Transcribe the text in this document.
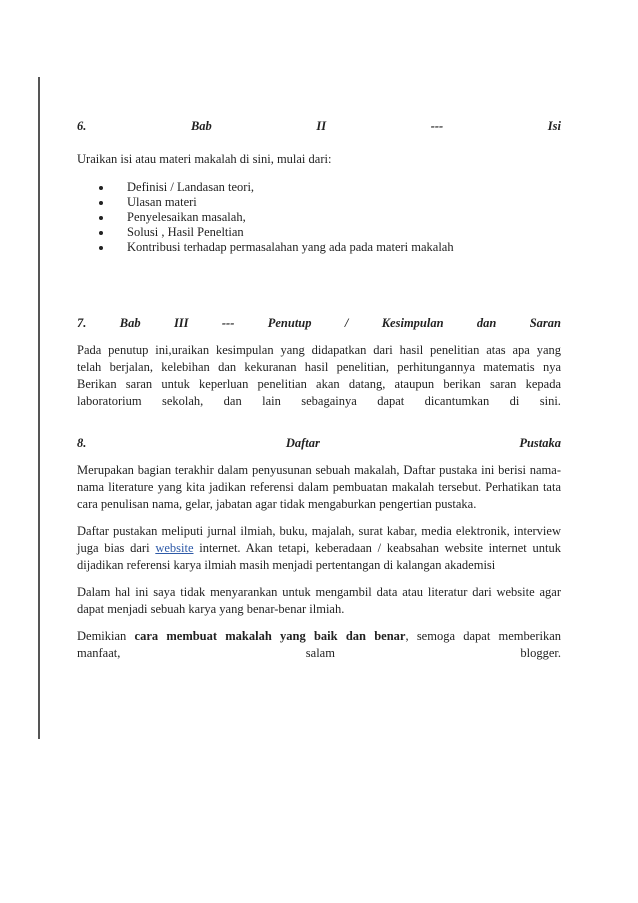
6.	Bab	II	---	Isi

Uraikan isi atau materi makalah di sini, mulai dari:

Definisi / Landasan teori,
Ulasan materi
Penyelesaikan masalah,
Solusi , Hasil Peneltian
Kontribusi terhadap permasalahan yang ada pada materi makalah
7.	Bab	III	---	Penutup	/	Kesimpulan	dan	Saran

Pada penutup ini,uraikan kesimpulan yang didapatkan dari hasil penelitian atas apa yang

telah berjalan, kelebihan dan kekuranan hasil penelitian, perhitungannya matematis nya

Berikan saran untuk keperluan penelitian akan datang, ataupun berikan saran kepada

laboratorium sekolah, dan lain sebagainya dapat dicantumkan di sini.
8.	Daftar	Pustaka

Merupakan bagian terakhir dalam penyusunan sebuah makalah, Daftar pustaka ini berisi nama-nama literature yang kita jadikan referensi dalam pembuatan makalah tersebut. Perhatikan tata cara penulisan nama, gelar, jabatan agar tidak mengaburkan pengertian pustaka.

Daftar pustakan meliputi jurnal ilmiah, buku, majalah, surat kabar, media elektronik, interview juga bias dari website internet. Akan tetapi, keberadaan / keabsahan website internet untuk dijadikan referensi karya ilmiah masih menjadi pertentangan di kalangan akademisi

Dalam hal ini saya tidak menyarankan untuk mengambil data atau literatur dari website agar dapat menjadi sebuah karya yang benar-benar ilmiah.

Demikian cara membuat makalah yang baik dan benar, semoga dapat memberikan

manfaat,	salam	blogger.
